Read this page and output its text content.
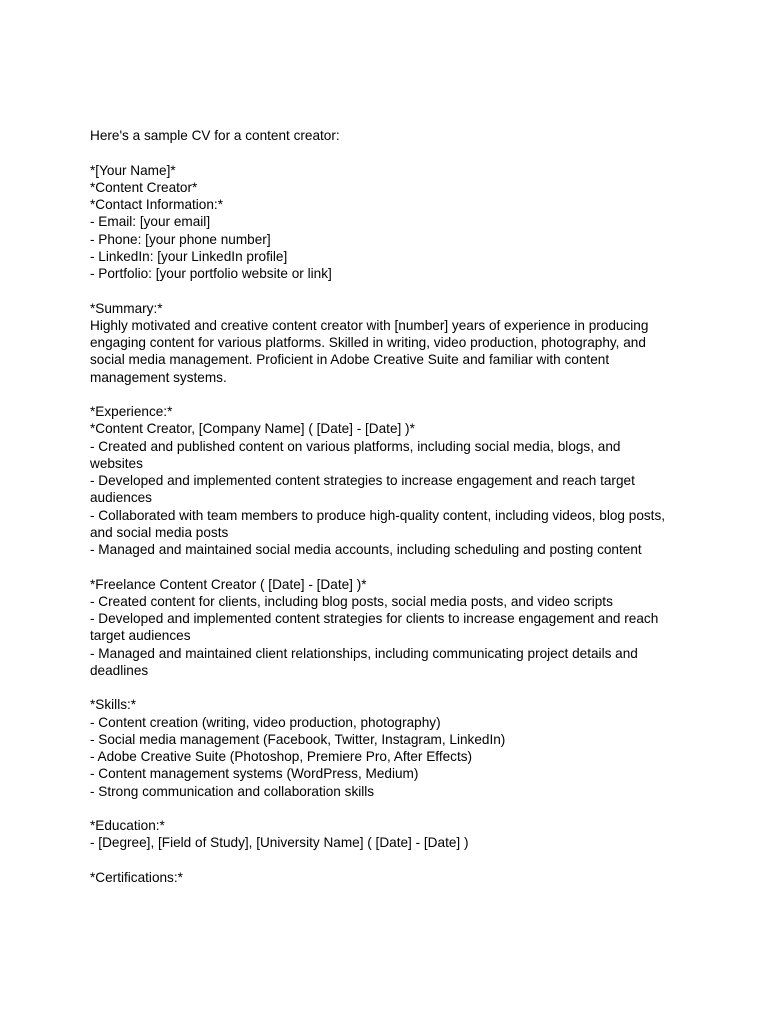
Here's a sample CV for a content creator:
*[Your Name]*
*Content Creator*
*Contact Information:*
- Email: [your email]
- Phone: [your phone number]
- LinkedIn: [your LinkedIn profile]
- Portfolio: [your portfolio website or link]
*Summary:*
Highly motivated and creative content creator with [number] years of experience in producing
engaging content for various platforms. Skilled in writing, video production, photography, and
social media management. Proficient in Adobe Creative Suite and familiar with content
management systems.
*Experience:*
*Content Creator, [Company Name] ( [Date] - [Date] )*
- Created and published content on various platforms, including social media, blogs, and
websites
- Developed and implemented content strategies to increase engagement and reach target
audiences
- Collaborated with team members to produce high-quality content, including videos, blog posts,
and social media posts
- Managed and maintained social media accounts, including scheduling and posting content
*Freelance Content Creator ( [Date] - [Date] )*
- Created content for clients, including blog posts, social media posts, and video scripts
- Developed and implemented content strategies for clients to increase engagement and reach
target audiences
- Managed and maintained client relationships, including communicating project details and
deadlines
*Skills:*
- Content creation (writing, video production, photography)
- Social media management (Facebook, Twitter, Instagram, LinkedIn)
- Adobe Creative Suite (Photoshop, Premiere Pro, After Effects)
- Content management systems (WordPress, Medium)
- Strong communication and collaboration skills
*Education:*
- [Degree], [Field of Study], [University Name] ( [Date] - [Date] )
*Certifications:*
